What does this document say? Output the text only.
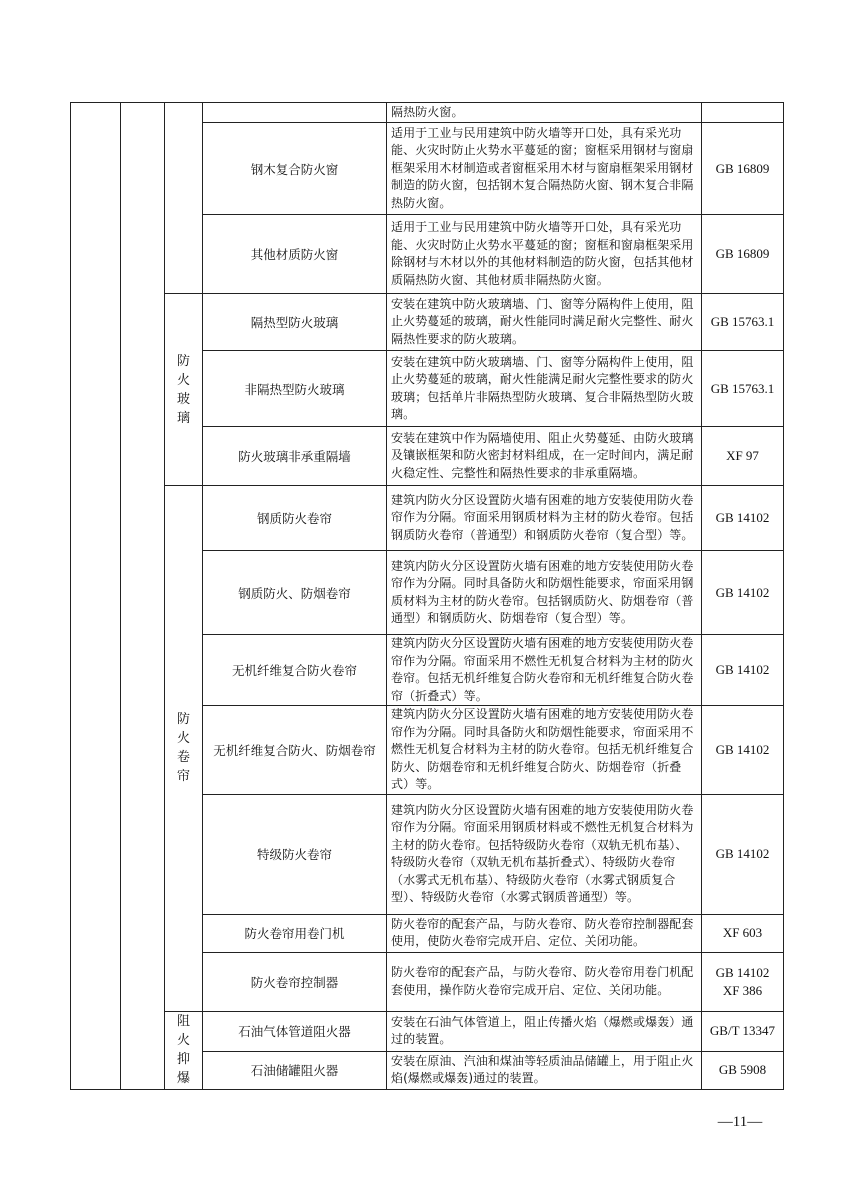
				隔热防火窗。	
			钢木复合防火窗	适用于工业与民用建筑中防火墙等开口处，具有采光功能、火灾时防止火势水平蔓延的窗；窗框采用钢材与窗扇框架采用木材制造或者窗框采用木材与窗扇框架采用钢材制造的防火窗，包括钢木复合隔热防火窗、钢木复合非隔热防火窗。	GB 16809
			其他材质防火窗	适用于工业与民用建筑中防火墙等开口处，具有采光功能、火灾时防止火势水平蔓延的窗；窗框和窗扇框架采用除钢材与木材以外的其他材料制造的防火窗，包括其他材质隔热防火窗、其他材质非隔热防火窗。	GB 16809

		防
火
玻
璃	隔热型防火玻璃	安装在建筑中防火玻璃墙、门、窗等分隔构件上使用，阻止火势蔓延的玻璃，耐火性能同时满足耐火完整性、耐火隔热性要求的防火玻璃。	GB 15763.1
			非隔热型防火玻璃	安装在建筑中防火玻璃墙、门、窗等分隔构件上使用，阻止火势蔓延的玻璃，耐火性能满足耐火完整性要求的防火玻璃；包括单片非隔热型防火玻璃、复合非隔热型防火玻璃。	GB 15763.1
			防火玻璃非承重隔墙	安装在建筑中作为隔墙使用、阻止火势蔓延、由防火玻璃及镶嵌框架和防火密封材料组成，在一定时间内，满足耐火稳定性、完整性和隔热性要求的非承重隔墙。	XF 97

		防
火
卷
帘	钢质防火卷帘	建筑内防火分区设置防火墙有困难的地方安装使用防火卷帘作为分隔。帘面采用钢质材料为主材的防火卷帘。包括钢质防火卷帘（普通型）和钢质防火卷帘（复合型）等。	GB 14102
			钢质防火、防烟卷帘	建筑内防火分区设置防火墙有困难的地方安装使用防火卷帘作为分隔。同时具备防火和防烟性能要求，帘面采用钢质材料为主材的防火卷帘。包括钢质防火、防烟卷帘（普通型）和钢质防火、防烟卷帘（复合型）等。	GB 14102
			无机纤维复合防火卷帘	建筑内防火分区设置防火墙有困难的地方安装使用防火卷帘作为分隔。帘面采用不燃性无机复合材料为主材的防火卷帘。包括无机纤维复合防火卷帘和无机纤维复合防火卷帘（折叠式）等。	GB 14102
			无机纤维复合防火、防烟卷帘	建筑内防火分区设置防火墙有困难的地方安装使用防火卷帘作为分隔。同时具备防火和防烟性能要求，帘面采用不燃性无机复合材料为主材的防火卷帘。包括无机纤维复合防火、防烟卷帘和无机纤维复合防火、防烟卷帘（折叠式）等。	GB 14102
			特级防火卷帘	建筑内防火分区设置防火墙有困难的地方安装使用防火卷帘作为分隔。帘面采用钢质材料或不燃性无机复合材料为主材的防火卷帘。包括特级防火卷帘（双轨无机布基）、特级防火卷帘（双轨无机布基折叠式）、特级防火卷帘（水雾式无机布基）、特级防火卷帘（水雾式钢质复合型）、特级防火卷帘（水雾式钢质普通型）等。	GB 14102
			防火卷帘用卷门机	防火卷帘的配套产品，与防火卷帘、防火卷帘控制器配套使用，使防火卷帘完成开启、定位、关闭功能。	XF 603
			防火卷帘控制器	防火卷帘的配套产品，与防火卷帘、防火卷帘用卷门机配套使用，操作防火卷帘完成开启、定位、关闭功能。	GB 14102
XF 386

		阻
火
抑
爆	石油气体管道阻火器	安装在石油气体管道上，阻止传播火焰（爆燃或爆轰）通过的装置。	GB/T 13347
			石油储罐阻火器	安装在原油、汽油和煤油等轻质油品储罐上，用于阻止火焰(爆燃或爆轰)通过的装置。	GB 5908
—11—
